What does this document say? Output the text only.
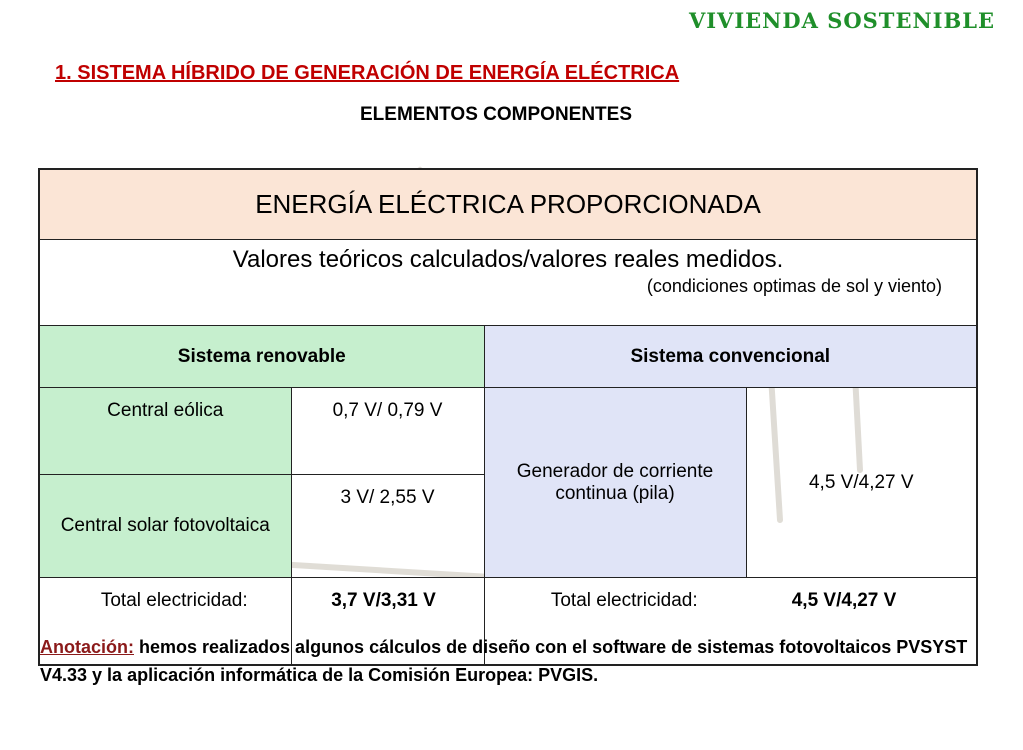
VIVIENDA SOSTENIBLE
1. SISTEMA HÍBRIDO DE GENERACIÓN DE ENERGÍA ELÉCTRICA
ELEMENTOS COMPONENTES
ENERGÍA ELÉCTRICA PROPORCIONADA			

Valores teóricos calculados/valores reales medidos.
(condiciones optimas de sol y viento)			

Sistema renovable		Sistema convencional	
Central eólica	0,7 V/ 0,79 V	Generador de corriente continua (pila)	4,5 V/4,27 V
Central solar fotovoltaica	3 V/ 2,55 V		
Total electricidad:	3,7 V/3,31 V	Total electricidad:	4,5 V/4,27 V
Anotación: hemos realizados algunos cálculos de diseño con el software de sistemas fotovoltaicos PVSYST V4.33 y la aplicación informática de la Comisión Europea: PVGIS.
